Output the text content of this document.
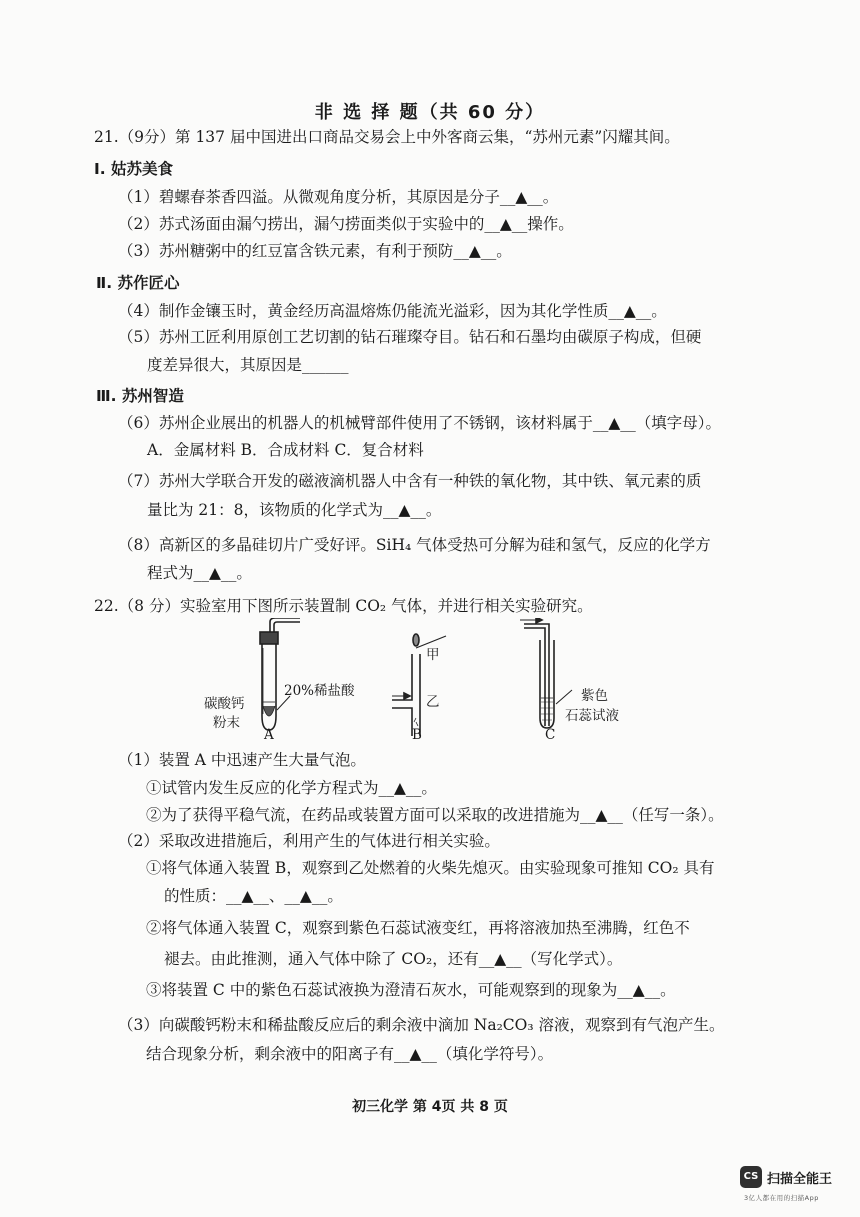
非 选 择 题（共 60 分）
21.（9分）第 137 届中国进出口商品交易会上中外客商云集，“苏州元素”闪耀其间。
I. 姑苏美食
（1）碧螺春茶香四溢。从微观角度分析，其原因是分子__▲__。
（2）苏式汤面由漏勺捞出，漏勺捞面类似于实验中的__▲__操作。
（3）苏州糖粥中的红豆富含铁元素，有利于预防__▲__。
Ⅱ. 苏作匠心
（4）制作金镶玉时，黄金经历高温熔炼仍能流光溢彩，因为其化学性质__▲__。
（5）苏州工匠利用原创工艺切割的钻石璀璨夺目。钻石和石墨均由碳原子构成，但硬
度差异很大，其原因是______
Ⅲ. 苏州智造
（6）苏州企业展出的机器人的机械臂部件使用了不锈钢，该材料属于__▲__（填字母）。
A．金属材料 B．合成材料 C．复合材料
（7）苏州大学联合开发的磁液滴机器人中含有一种铁的氧化物，其中铁、氧元素的质
量比为 21：8，该物质的化学式为__▲__。
（8）高新区的多晶硅切片广受好评。SiH₄ 气体受热可分解为硅和氢气，反应的化学方
程式为__▲__。
22.（8 分）实验室用下图所示装置制 CO₂ 气体，并进行相关实验研究。
碳酸钙
粉末
20%稀盐酸
A
甲
乙
B
紫色
石蕊试液
C
（1）装置 A 中迅速产生大量气泡。
①试管内发生反应的化学方程式为__▲__。
②为了获得平稳气流，在药品或装置方面可以采取的改进措施为__▲__（任写一条）。
（2）采取改进措施后，利用产生的气体进行相关实验。
①将气体通入装置 B，观察到乙处燃着的火柴先熄灭。由实验现象可推知 CO₂ 具有
的性质：__▲__、__▲__。
②将气体通入装置 C，观察到紫色石蕊试液变红，再将溶液加热至沸腾，红色不
褪去。由此推测，通入气体中除了 CO₂，还有__▲__（写化学式）。
③将装置 C 中的紫色石蕊试液换为澄清石灰水，可能观察到的现象为__▲__。
（3）向碳酸钙粉末和稀盐酸反应后的剩余液中滴加 Na₂CO₃ 溶液，观察到有气泡产生。
结合现象分析，剩余液中的阳离子有__▲__（填化学符号）。
初三化学 第 4页 共 8 页
CS 扫描全能王
3亿人都在用的扫描App
